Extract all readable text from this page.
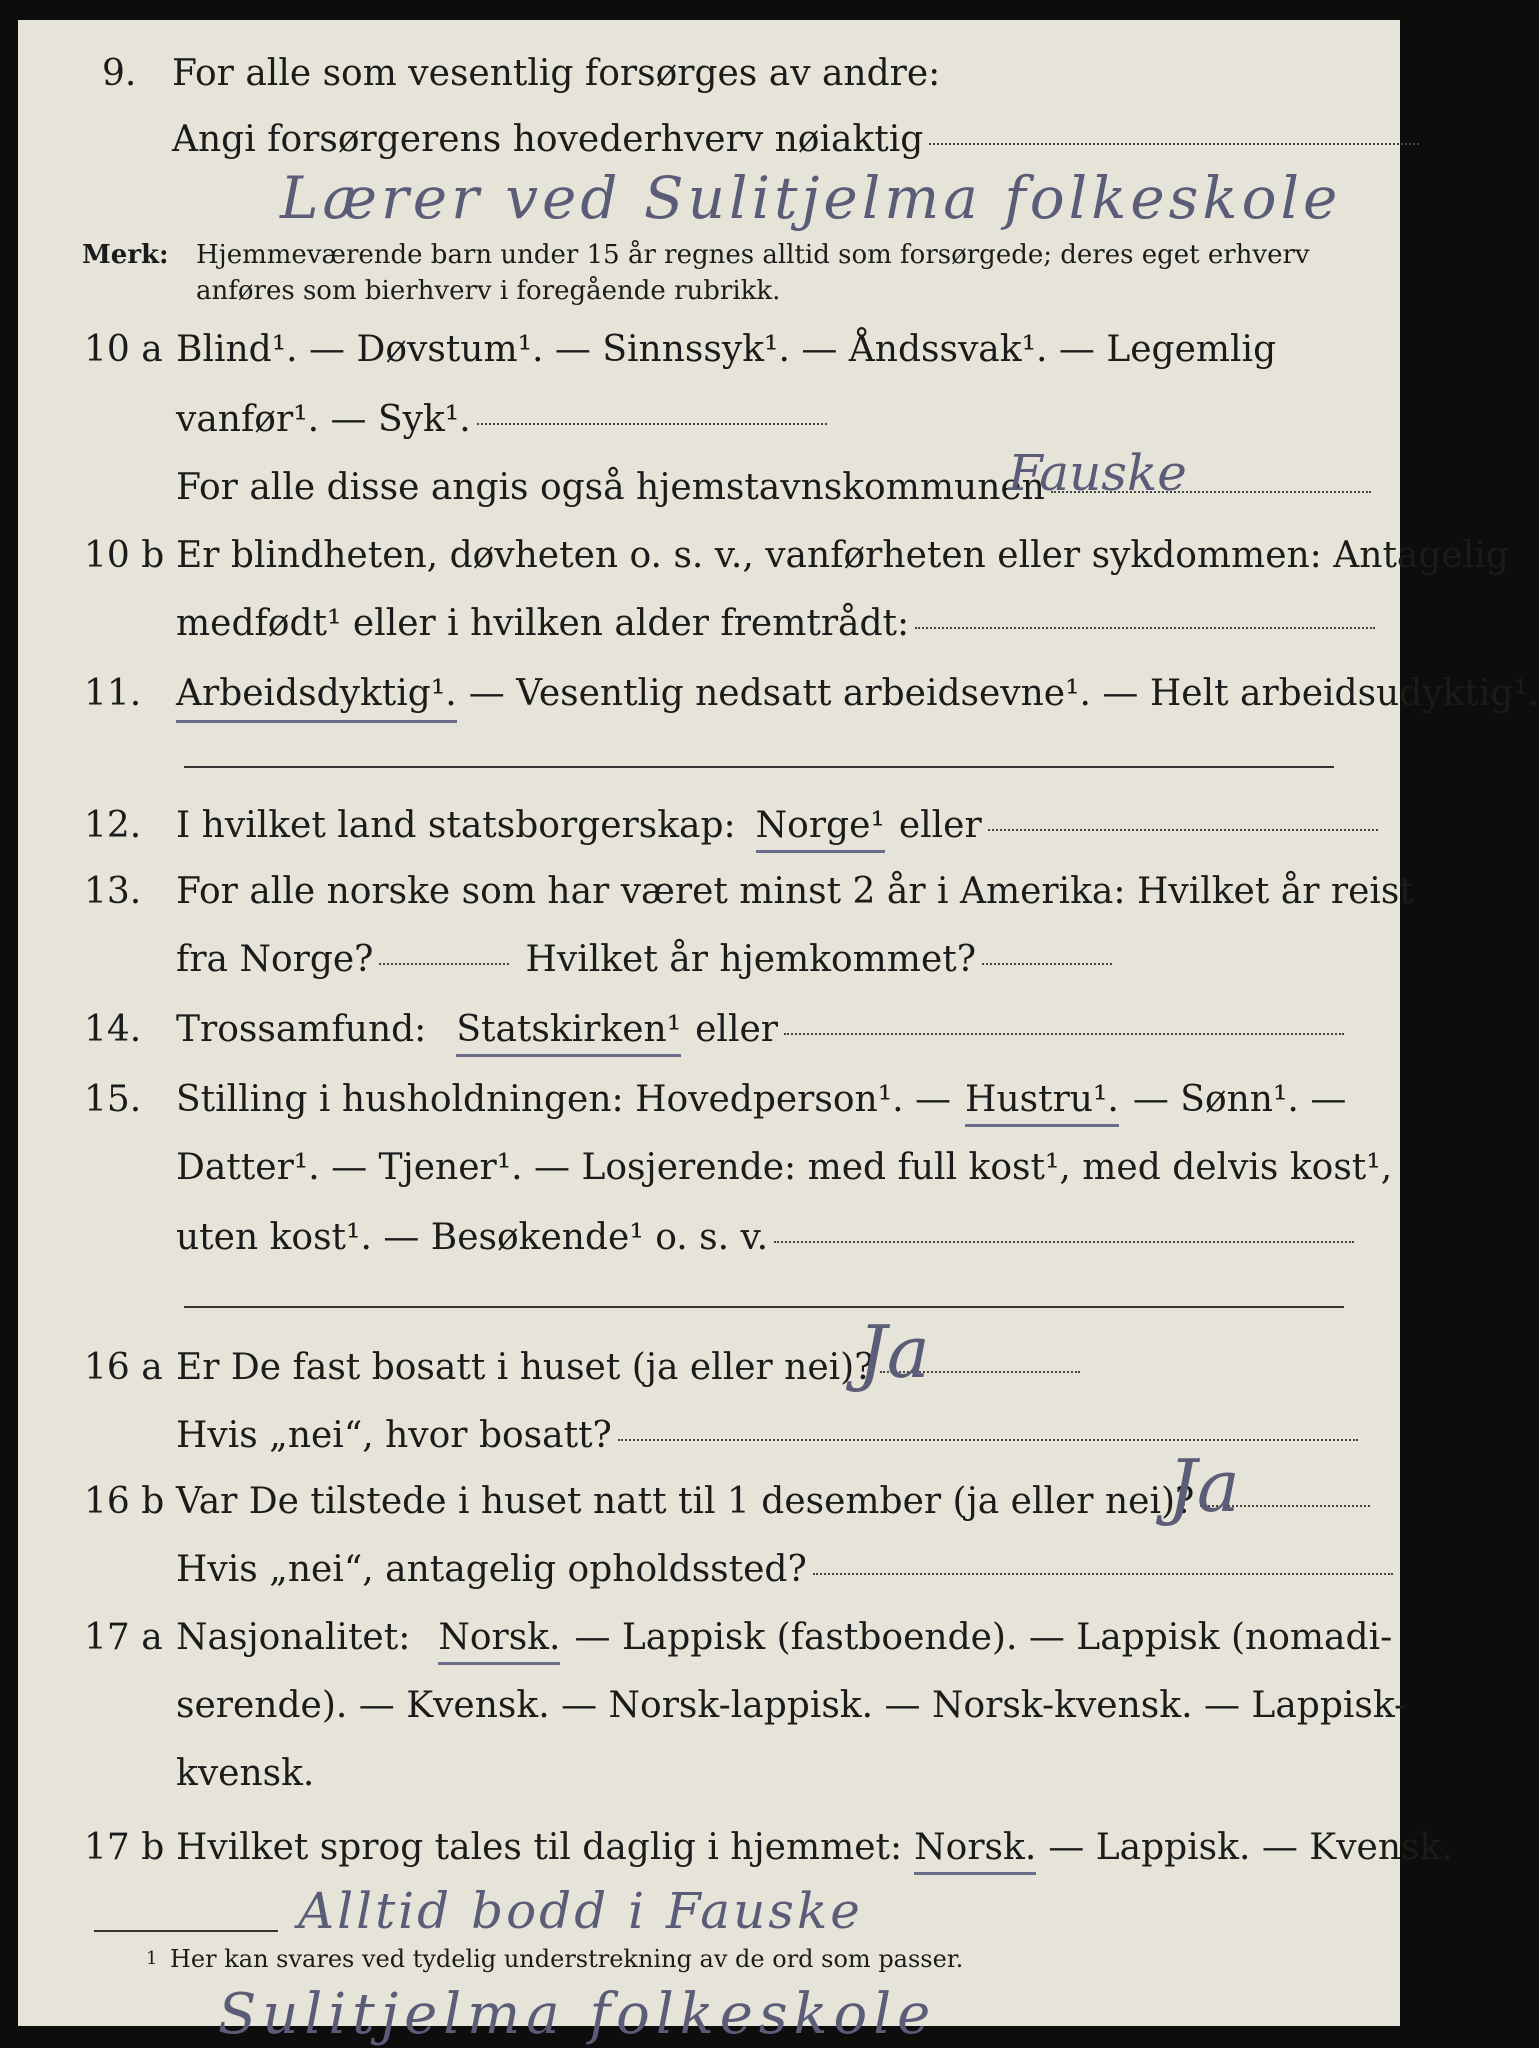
9. For alle som vesentlig forsørges av andre:
Angi forsørgerens hovederhverv nøiaktig
Lærer ved Sulitjelma folkeskole
Merk: Hjemmeværende barn under 15 år regnes alltid som forsørgede; deres eget erhverv
anføres som bierhverv i foregående rubrikk.
10 a Blind¹. — Døvstum¹. — Sinnssyk¹. — Åndssvak¹. — Legemlig
vanfør¹. — Syk¹.
For alle disse angis også hjemstavnskommunen
Fauske
10 b Er blindheten, døvheten o. s. v., vanførheten eller sykdommen: Antagelig
medfødt¹ eller i hvilken alder fremtrådt:
11. Arbeidsdyktig¹. — Vesentlig nedsatt arbeidsevne¹. — Helt arbeidsudyktig¹.
12. I hvilket land statsborgerskap: Norge¹ eller
13. For alle norske som har været minst 2 år i Amerika: Hvilket år reist
fra Norge?	Hvilket år hjemkommet?
14. Trossamfund: Statskirken¹ eller
15. Stilling i husholdningen: Hovedperson¹. — Hustru¹. — Sønn¹. —
Datter¹. — Tjener¹. — Losjerende: med full kost¹, med delvis kost¹,
uten kost¹. — Besøkende¹ o. s. v.
16 a Er De fast bosatt i huset (ja eller nei)?
Ja
Hvis „nei“, hvor bosatt?
16 b Var De tilstede i huset natt til 1 desember (ja eller nei)?
Ja
Hvis „nei“, antagelig opholdssted?
17 a Nasjonalitet: Norsk. — Lappisk (fastboende). — Lappisk (nomadi-
serende). — Kvensk. — Norsk-lappisk. — Norsk-kvensk. — Lappisk-
kvensk.
17 b Hvilket sprog tales til daglig i hjemmet: Norsk. — Lappisk. — Kvensk.
Alltid bodd i Fauske
1 Her kan svares ved tydelig understrekning av de ord som passer.
Sulitjelma folkeskole
